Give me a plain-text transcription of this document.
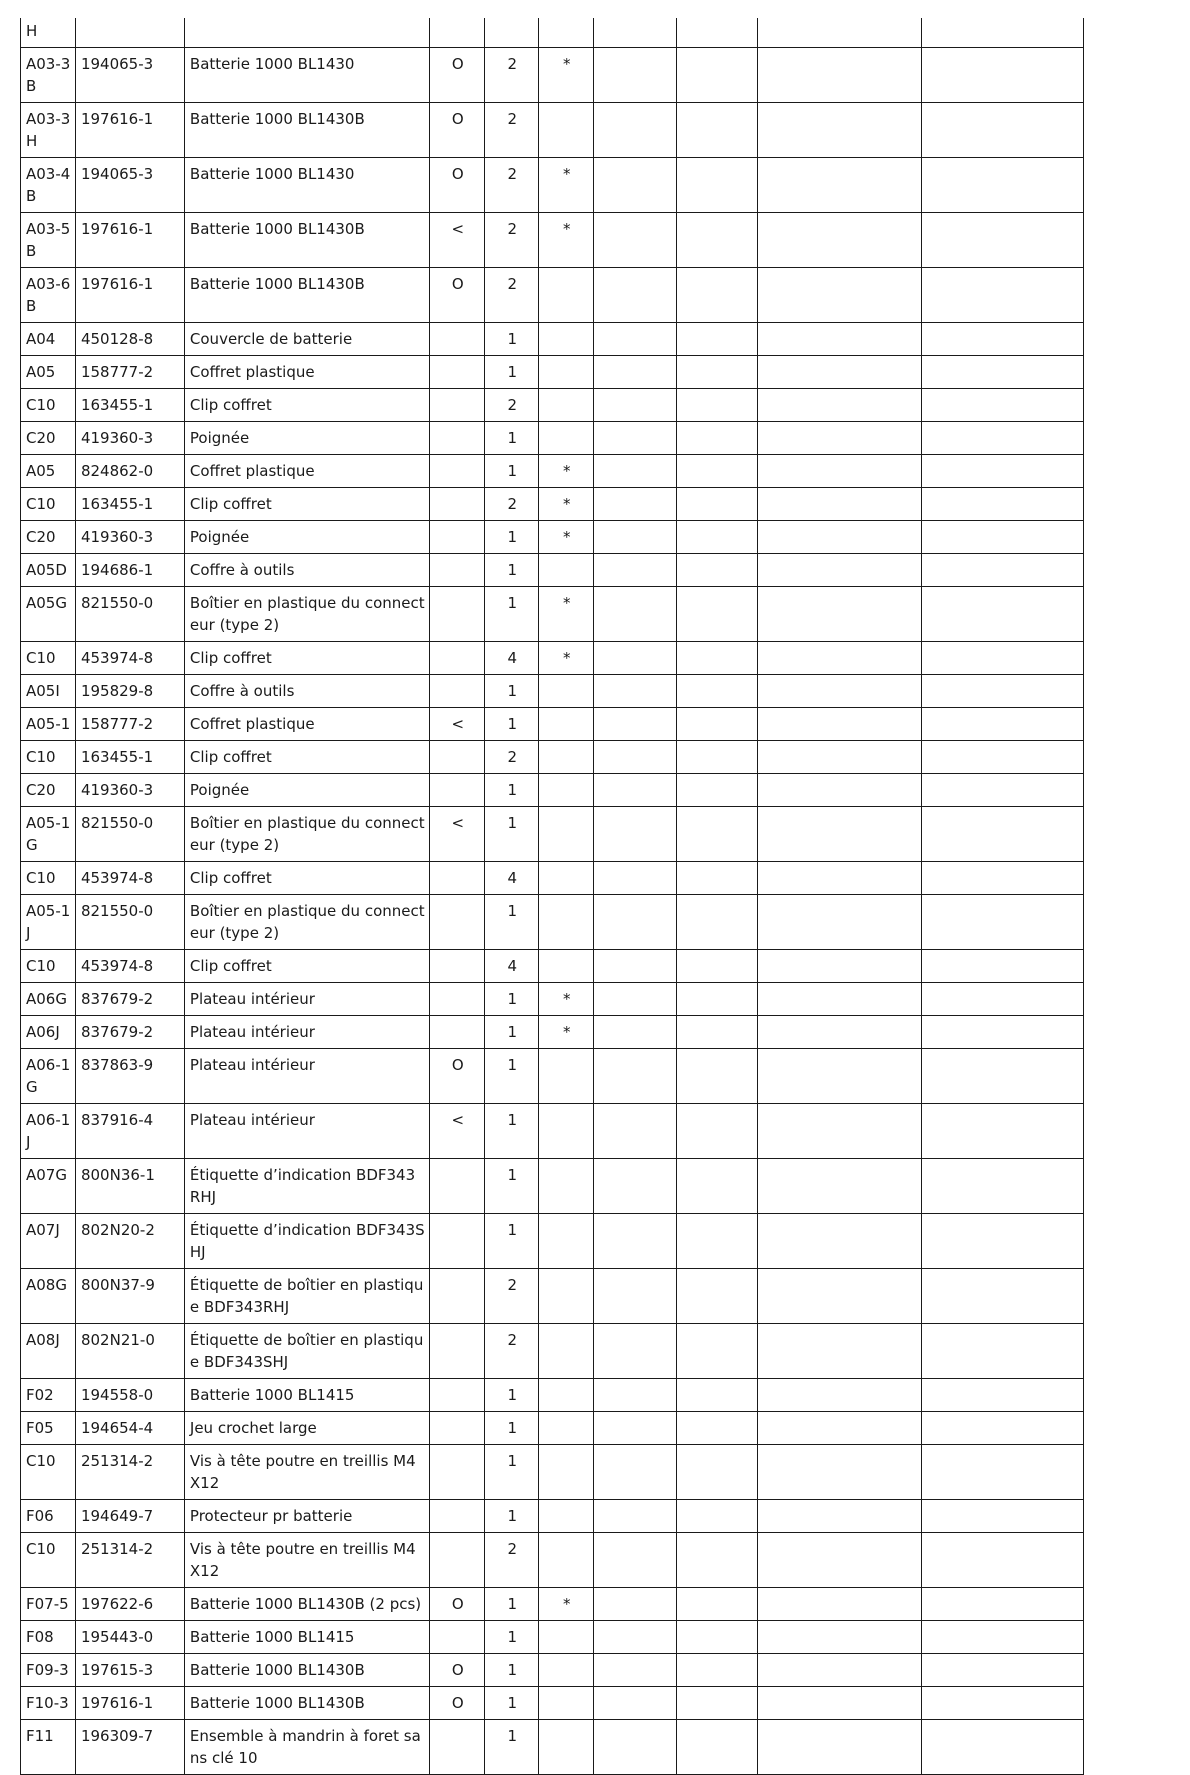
H									
A03-3B	194065-3	Batterie 1000 BL1430	O	2	*				
A03-3H	197616-1	Batterie 1000 BL1430B	O	2					
A03-4B	194065-3	Batterie 1000 BL1430	O	2	*				
A03-5B	197616-1	Batterie 1000 BL1430B	<	2	*				
A03-6B	197616-1	Batterie 1000 BL1430B	O	2					
A04	450128-8	Couvercle de batterie		1					
A05	158777-2	Coffret plastique		1					
C10	163455-1	Clip coffret		2					
C20	419360-3	Poignée		1					
A05	824862-0	Coffret plastique		1	*				
C10	163455-1	Clip coffret		2	*				
C20	419360-3	Poignée		1	*				
A05D	194686-1	Coffre à outils		1					
A05G	821550-0	Boîtier en plastique du connecteur (type 2)		1	*				
C10	453974-8	Clip coffret		4	*				
A05I	195829-8	Coffre à outils		1					
A05-1	158777-2	Coffret plastique	<	1					
C10	163455-1	Clip coffret		2					
C20	419360-3	Poignée		1					
A05-1G	821550-0	Boîtier en plastique du connecteur (type 2)	<	1					
C10	453974-8	Clip coffret		4					
A05-1J	821550-0	Boîtier en plastique du connecteur (type 2)		1					
C10	453974-8	Clip coffret		4					
A06G	837679-2	Plateau intérieur		1	*				
A06J	837679-2	Plateau intérieur		1	*				
A06-1G	837863-9	Plateau intérieur	O	1					
A06-1J	837916-4	Plateau intérieur	<	1					
A07G	800N36-1	Étiquette d’indication BDF343RHJ		1					
A07J	802N20-2	Étiquette d’indication BDF343SHJ		1					
A08G	800N37-9	Étiquette de boîtier en plastique BDF343RHJ		2					
A08J	802N21-0	Étiquette de boîtier en plastique BDF343SHJ		2					
F02	194558-0	Batterie 1000 BL1415		1					
F05	194654-4	Jeu crochet large		1					
C10	251314-2	Vis à tête poutre en treillis M4X12		1					
F06	194649-7	Protecteur pr batterie		1					
C10	251314-2	Vis à tête poutre en treillis M4X12		2					
F07-5	197622-6	Batterie 1000 BL1430B (2 pcs)	O	1	*				
F08	195443-0	Batterie 1000 BL1415		1					
F09-3	197615-3	Batterie 1000 BL1430B	O	1					
F10-3	197616-1	Batterie 1000 BL1430B	O	1					
F11	196309-7	Ensemble à mandrin à foret sans clé 10		1					
